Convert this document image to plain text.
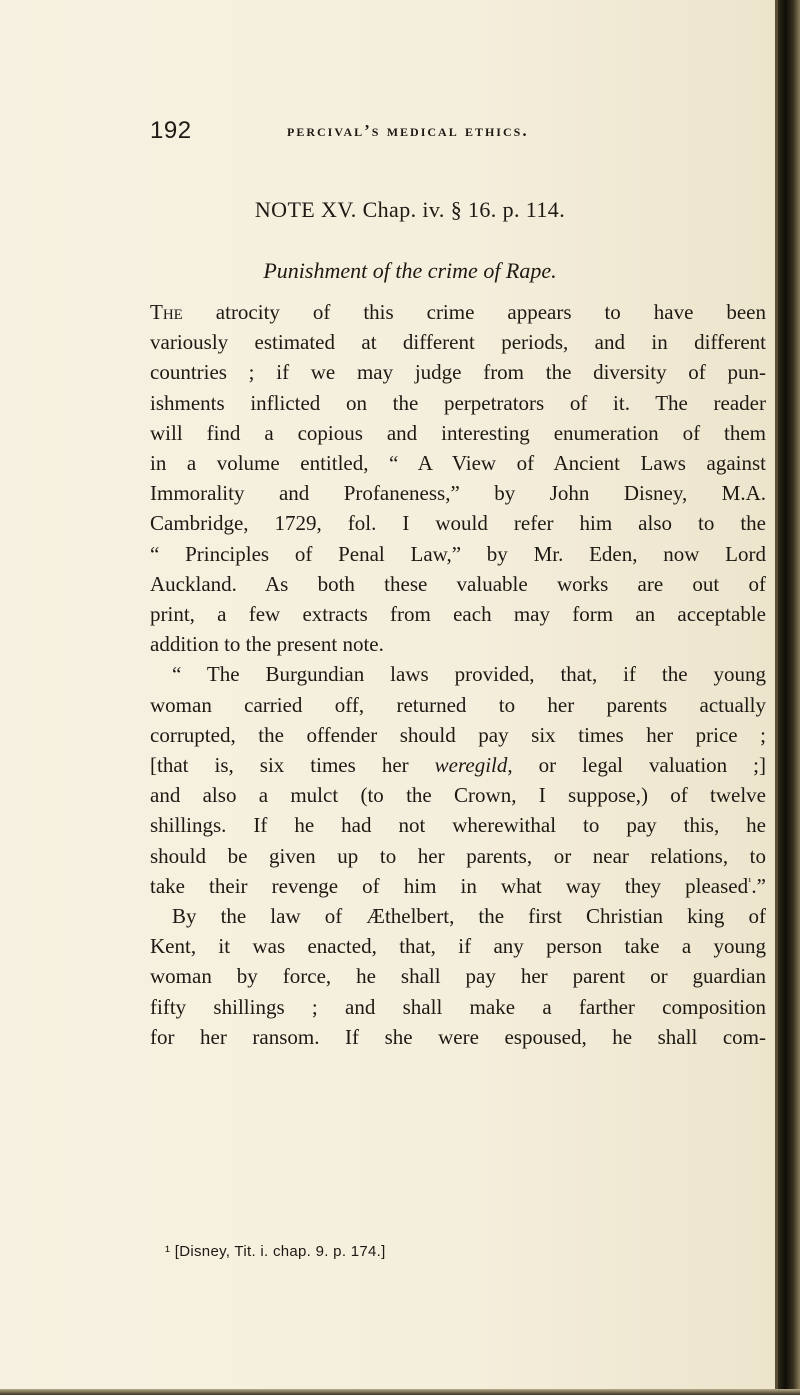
192	percival’s medical ethics.
NOTE XV. Chap. iv. § 16. p. 114.
Punishment of the crime of Rape.

The atrocity of this crime appears to have been

variously estimated at different periods, and in different

countries ; if we may judge from the diversity of pun-

ishments inflicted on the perpetrators of it. The reader

will find a copious and interesting enumeration of them

in a volume entitled, “ A View of Ancient Laws against

Immorality and Profaneness,” by John Disney, M.A.

Cambridge, 1729, fol. I would refer him also to the

“ Principles of Penal Law,” by Mr. Eden, now Lord

Auckland. As both these valuable works are out of

print, a few extracts from each may form an acceptable

addition to the present note.

“ The Burgundian laws provided, that, if the young

woman carried off, returned to her parents actually

corrupted, the offender should pay six times her price ;

[that is, six times her weregild, or legal valuation ;]

and also a mulct (to the Crown, I suppose,) of twelve

shillings. If he had not wherewithal to pay this, he

should be given up to her parents, or near relations, to

take their revenge of him in what way they pleased$^{^1}$.”

By the law of Æthelbert, the first Christian king of

Kent, it was enacted, that, if any person take a young

woman by force, he shall pay her parent or guardian

fifty shillings ; and shall make a farther composition

for her ransom. If she were espoused, he shall com-

¹ [Disney, Tit. i. chap. 9. p. 174.]
